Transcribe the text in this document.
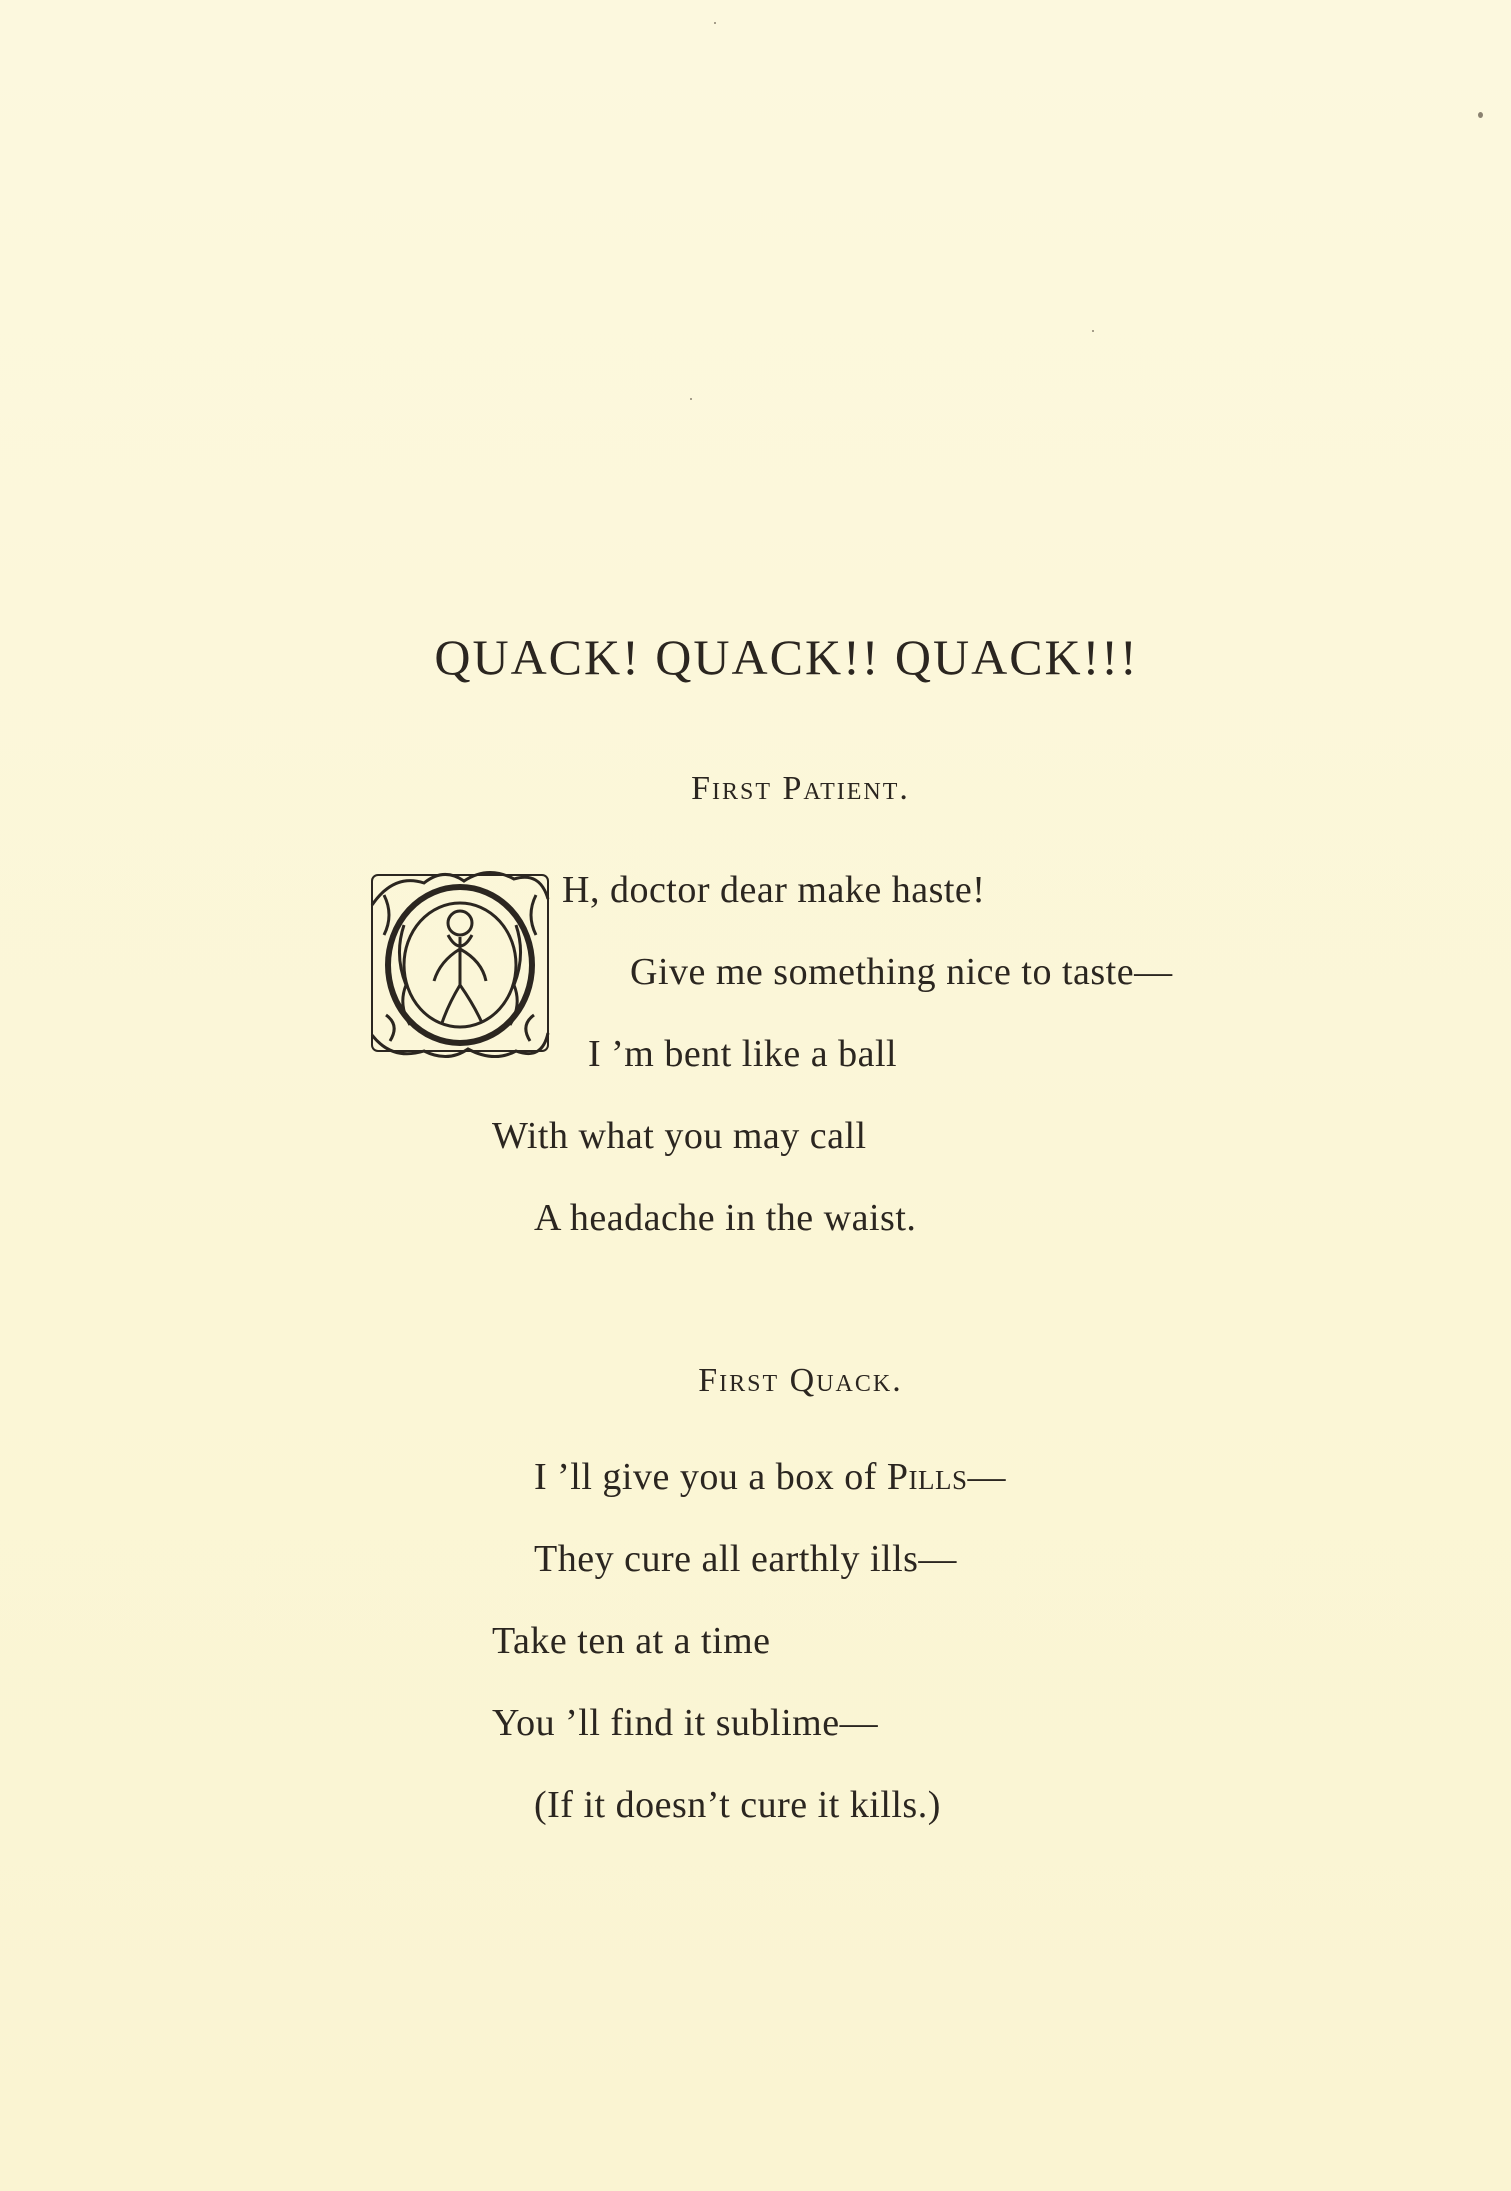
QUACK! QUACK!! QUACK!!!
First Patient.
H, doctor dear make haste!
Give me something nice to taste—
I ’m bent like a ball
With what you may call
A headache in the waist.
First Quack.
I ’ll give you a box of Pills—
They cure all earthly ills—
Take ten at a time
You ’ll find it sublime—
(If it doesn’t cure it kills.)
